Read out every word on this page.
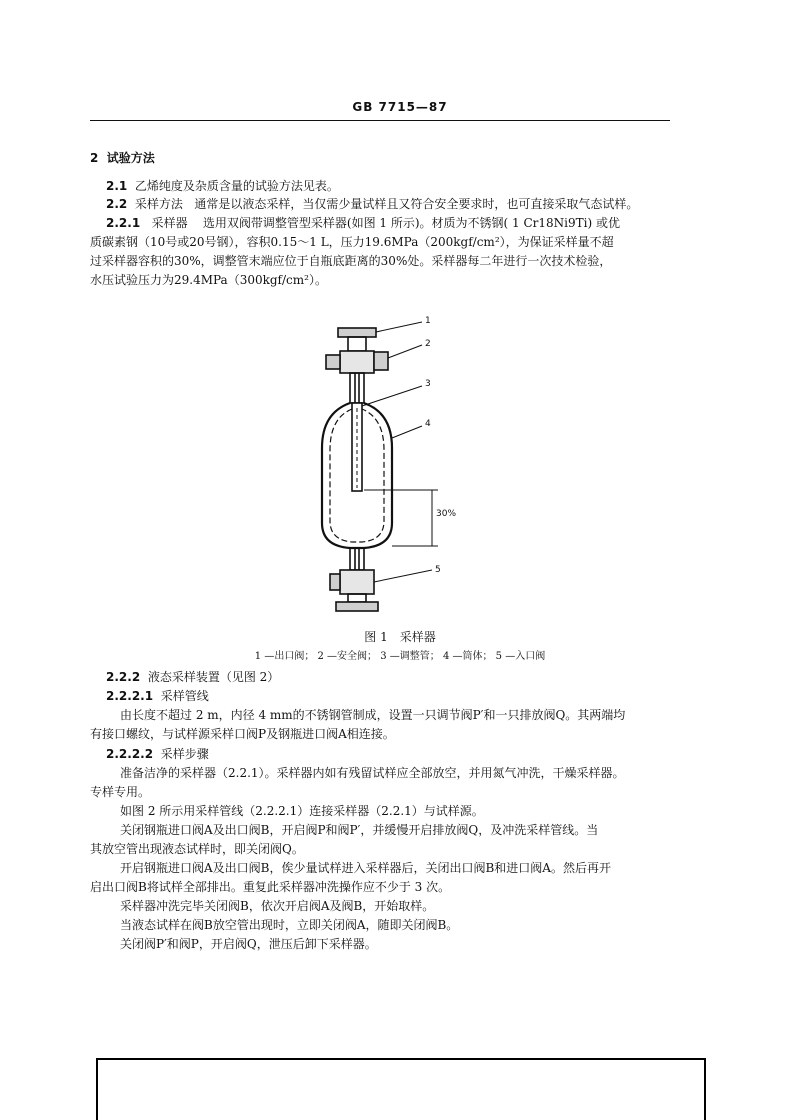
GB 7715—87
2 试验方法
2.1 乙烯纯度及杂质含量的试验方法见表。
2.2 采样方法 通常是以液态采样，当仅需少量试样且又符合安全要求时，也可直接采取气态试样。
2.2.1 采样器 选用双阀带调整管型采样器(如图 1 所示)。材质为不锈钢( 1 Cr18Ni9Ti) 或优
质碳素钢（10号或20号钢），容积0.15～1 L，压力19.6MPa（200kgf/cm²），为保证采样量不超
过采样器容积的30%，调整管末端应位于自瓶底距离的30%处。采样器每二年进行一次技术检验，
水压试验压力为29.4MPa（300kgf/cm²）。
1
2
3
4
5
30%
图 1　采样器
1 —出口阀； 2 —安全阀； 3 —调整管； 4 —筒体； 5 —入口阀
2.2.2 液态采样装置（见图 2）
2.2.2.1 采样管线
由长度不超过 2 m，内径 4 mm的不锈钢管制成，设置一只调节阀P′和一只排放阀Q。其两端均
有接口螺纹，与试样源采样口阀P及钢瓶进口阀A相连接。
2.2.2.2 采样步骤
准备洁净的采样器（2.2.1）。采样器内如有残留试样应全部放空，并用氮气冲洗，干燥采样器。
专样专用。
如图 2 所示用采样管线（2.2.2.1）连接采样器（2.2.1）与试样源。
关闭钢瓶进口阀A及出口阀B，开启阀P和阀P′，并缓慢开启排放阀Q，及冲洗采样管线。当
其放空管出现液态试样时，即关闭阀Q。
开启钢瓶进口阀A及出口阀B，俟少量试样进入采样器后，关闭出口阀B和进口阀A。然后再开
启出口阀B将试样全部排出。重复此采样器冲洗操作应不少于 3 次。
采样器冲洗完毕关闭阀B，依次开启阀A及阀B，开始取样。
当液态试样在阀B放空管出现时，立即关闭阀A，随即关闭阀B。
关闭阀P′和阀P，开启阀Q，泄压后卸下采样器。
